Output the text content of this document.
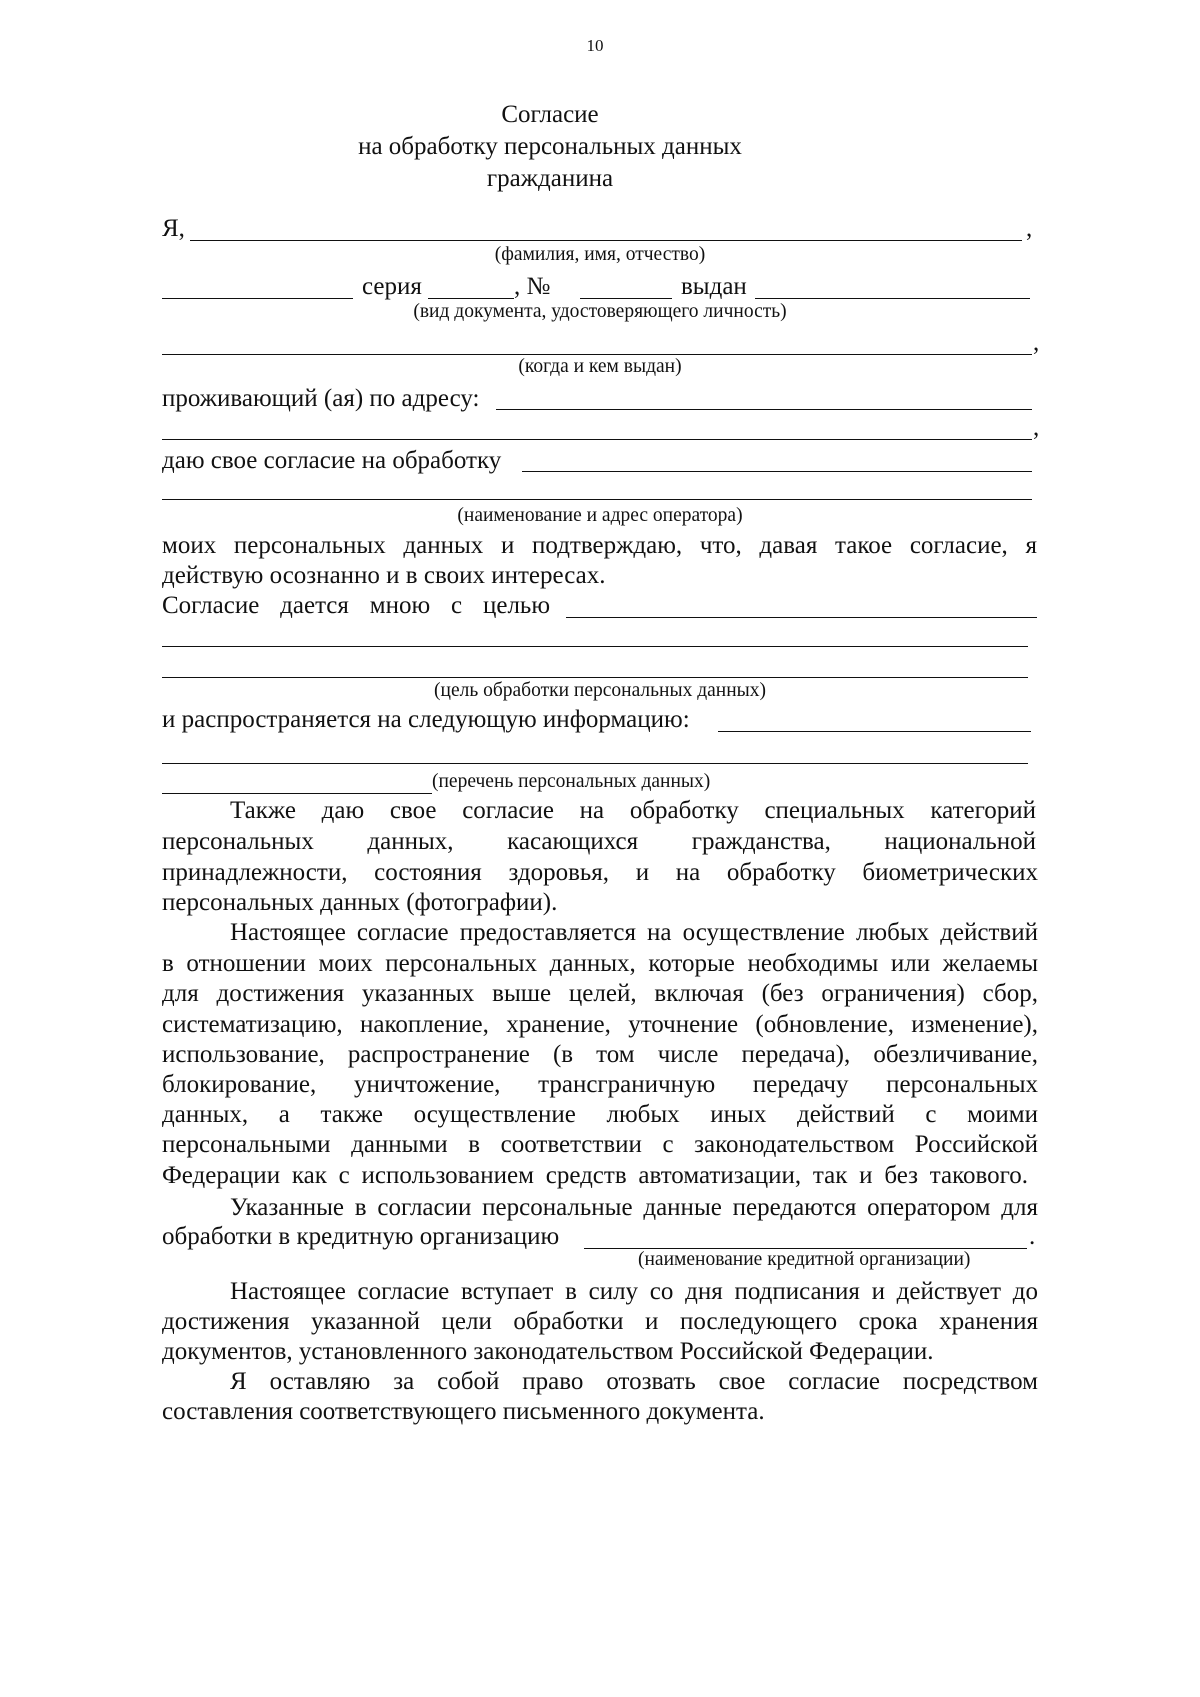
10
Согласие
на обработку персональных данных
гражданина
Я,	,
(фамилия, имя, отчество)
серия	, №	выдан
(вид документа, удостоверяющего личность)
,
(когда и кем выдан)
проживающий (ая) по адресу:
,
даю свое согласие на обработку
(наименование и адрес оператора)
моих персональных данных и подтверждаю, что, давая такое согласие, я
действую осознанно и в своих интересах.
Согласие дается мною с целью
(цель обработки персональных данных)
и распространяется на следующую информацию:
(перечень персональных данных)
Также даю свое согласие на обработку специальных категорий
персональных данных, касающихся гражданства, национальной
принадлежности, состояния здоровья, и на обработку биометрических
персональных данных (фотографии).
Настоящее согласие предоставляется на осуществление любых действий
в отношении моих персональных данных, которые необходимы или желаемы
для достижения указанных выше целей, включая (без ограничения) сбор,
систематизацию, накопление, хранение, уточнение (обновление, изменение),
использование, распространение (в том числе передача), обезличивание,
блокирование, уничтожение, трансграничную передачу персональных
данных, а также осуществление любых иных действий с моими
персональными данными в соответствии с законодательством Российской
Федерации как с использованием средств автоматизации, так и без такового.
Указанные в согласии персональные данные передаются оператором для
обработки в кредитную организацию	.
(наименование кредитной организации)
Настоящее согласие вступает в силу со дня подписания и действует до
достижения указанной цели обработки и последующего срока хранения
документов, установленного законодательством Российской Федерации.
Я оставляю за собой право отозвать свое согласие посредством
составления соответствующего письменного документа.
